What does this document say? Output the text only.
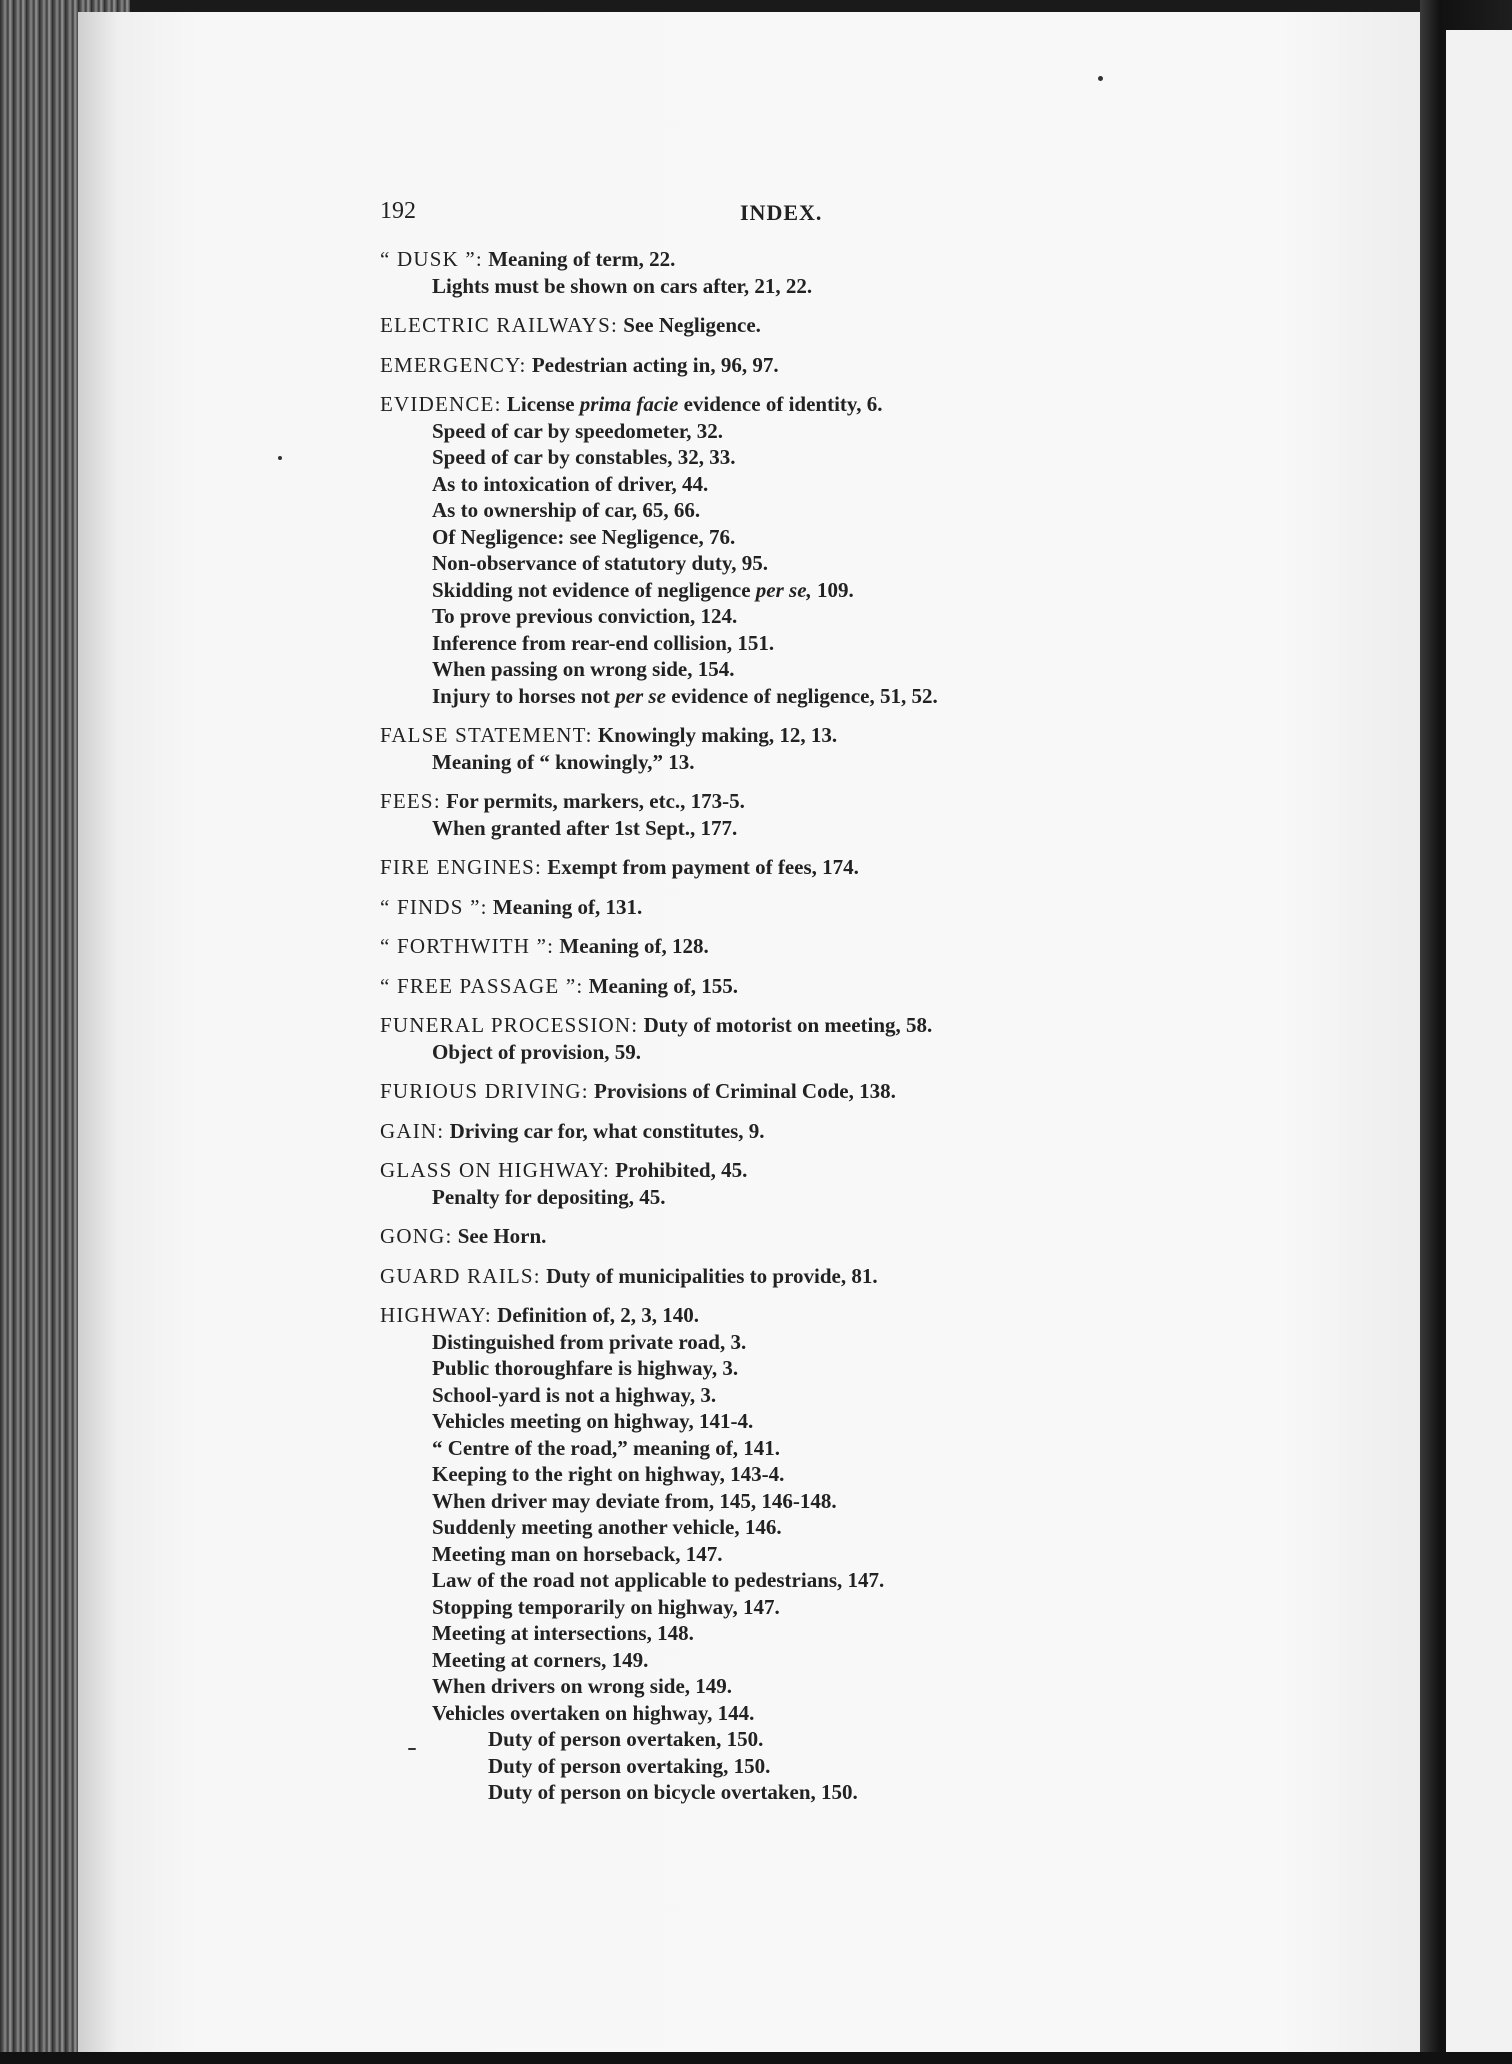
192	INDEX.
“ DUSK ”: Meaning of term, 22.
Lights must be shown on cars after, 21, 22.
ELECTRIC RAILWAYS: See Negligence.
EMERGENCY: Pedestrian acting in, 96, 97.
EVIDENCE: License prima facie evidence of identity, 6.
Speed of car by speedometer, 32.
Speed of car by constables, 32, 33.
As to intoxication of driver, 44.
As to ownership of car, 65, 66.
Of Negligence: see Negligence, 76.
Non-observance of statutory duty, 95.
Skidding not evidence of negligence per se, 109.
To prove previous conviction, 124.
Inference from rear-end collision, 151.
When passing on wrong side, 154.
Injury to horses not per se evidence of negligence, 51, 52.
FALSE STATEMENT: Knowingly making, 12, 13.
Meaning of “ knowingly,” 13.
FEES: For permits, markers, etc., 173-5.
When granted after 1st Sept., 177.
FIRE ENGINES: Exempt from payment of fees, 174.
“ FINDS ”: Meaning of, 131.
“ FORTHWITH ”: Meaning of, 128.
“ FREE PASSAGE ”: Meaning of, 155.
FUNERAL PROCESSION: Duty of motorist on meeting, 58.
Object of provision, 59.
FURIOUS DRIVING: Provisions of Criminal Code, 138.
GAIN: Driving car for, what constitutes, 9.
GLASS ON HIGHWAY: Prohibited, 45.
Penalty for depositing, 45.
GONG: See Horn.
GUARD RAILS: Duty of municipalities to provide, 81.
HIGHWAY: Definition of, 2, 3, 140.
Distinguished from private road, 3.
Public thoroughfare is highway, 3.
School-yard is not a highway, 3.
Vehicles meeting on highway, 141-4.
“ Centre of the road,” meaning of, 141.
Keeping to the right on highway, 143-4.
When driver may deviate from, 145, 146-148.
Suddenly meeting another vehicle, 146.
Meeting man on horseback, 147.
Law of the road not applicable to pedestrians, 147.
Stopping temporarily on highway, 147.
Meeting at intersections, 148.
Meeting at corners, 149.
When drivers on wrong side, 149.
Vehicles overtaken on highway, 144.
Duty of person overtaken, 150.
Duty of person overtaking, 150.
Duty of person on bicycle overtaken, 150.
